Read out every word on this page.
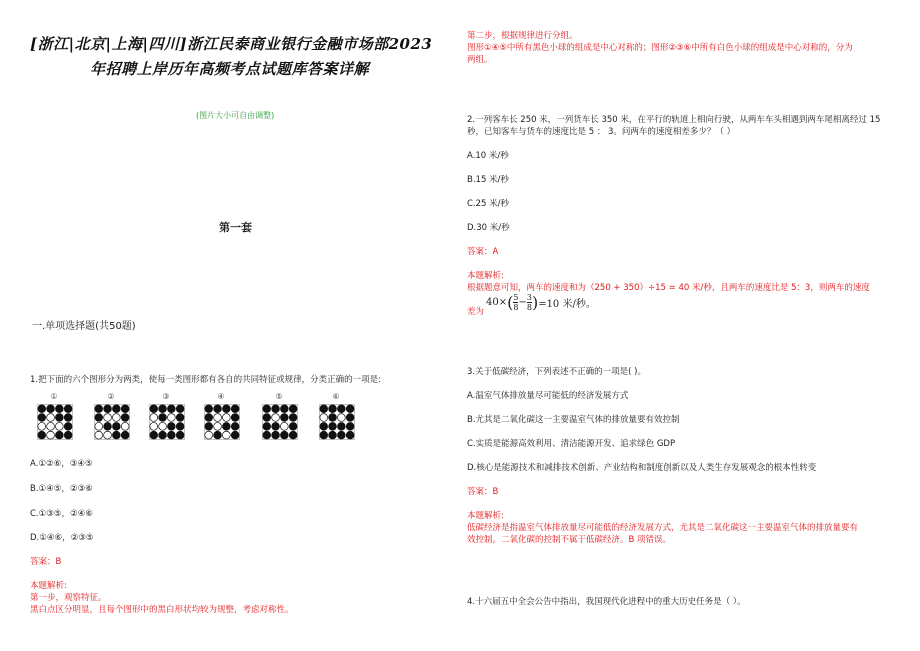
[浙江|北京|上海|四川]浙江民泰商业银行金融市场部2023
年招聘上岸历年高频考点试题库答案详解
(图片大小可自由调整)
第一套
一.单项选择题(共50题)
1.把下面的六个图形分为两类，使每一类图形都有各自的共同特征或规律，分类正确的一项是:
①	②	③	④	⑤	⑥
A.①②⑥，③④⑤
B.①④⑤，②③⑥
C.①③⑤，②④⑥
D.①④⑥，②③⑤
答案：B
本题解析:
第一步，观察特征。
黑白点区分明显，且每个图形中的黑白形状均较为规整，考虑对称性。
第二步，根据规律进行分组。
图形①④⑤中所有黑色小球的组成是中心对称的；图形②③⑥中所有白色小球的组成是中心对称的，分为
两组。
2.一列客车长 250 米，一列货车长 350 米，在平行的轨道上相向行驶，从两车车头相遇到两车尾相离经过 15
秒，已知客车与货车的速度比是 5 ： 3。问两车的速度相差多少？（ ）
A.10 米/秒
B.15 米/秒
C.25 米/秒
D.30 米/秒
答案：A
本题解析:
根据题意可知，两车的速度和为（250 + 350）÷15 = 40 米/秒，且两车的速度比是 5：3，则两车的速度
差为
$40\times( \frac{5}{8} - \frac{3}{8} )=10$ 米/秒。
3.关于低碳经济，下列表述不正确的一项是( )。
A.温室气体排放量尽可能低的经济发展方式
B.尤其是二氧化碳这一主要温室气体的排放量要有效控制
C.实质是能源高效利用、清洁能源开发、追求绿色 GDP
D.核心是能源技术和减排技术创新、产业结构和制度创新以及人类生存发展观念的根本性转变
答案：B
本题解析:
低碳经济是指温室气体排放量尽可能低的经济发展方式，尤其是二氧化碳这一主要温室气体的排放量要有
效控制。二氧化碳的控制不属于低碳经济。B 项错误。
4.十六届五中全会公告中指出，我国现代化进程中的重大历史任务是（ ）。
